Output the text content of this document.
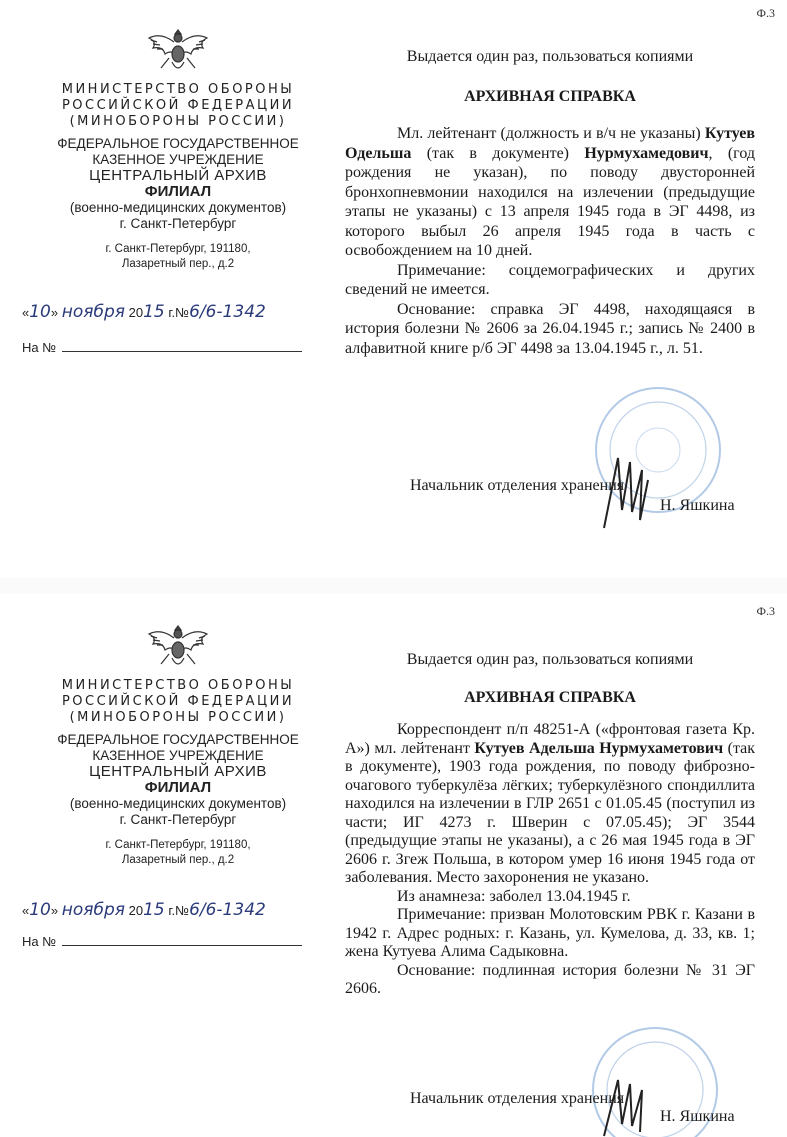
Ф.3
МИНИСТЕРСТВО ОБОРОНЫ
РОССИЙСКОЙ ФЕДЕРАЦИИ
(МИНОБОРОНЫ РОССИИ)
ФЕДЕРАЛЬНОЕ ГОСУДАРСТВЕННОЕ
КАЗЕННОЕ УЧРЕЖДЕНИЕ
ЦЕНТРАЛЬНЫЙ АРХИВ
ФИЛИАЛ
(военно-медицинских документов)
г. Санкт-Петербург
г. Санкт-Петербург, 191180,
Лазаретный пер., д.2
«10» ноября 2015 г.№6/6-1342
На №
Выдается один раз, пользоваться копиями
АРХИВНАЯ СПРАВКА

Мл. лейтенант (должность и в/ч не указаны) Кутуев Одельша (так в документе) Нурмухамедович, (год рождения не указан), по поводу двусторонней бронхопневмонии находился на излечении (предыдущие этапы не указаны) с 13 апреля 1945 года в ЭГ 4498, из которого выбыл 26 апреля 1945 года в часть с освобождением на 10 дней.

Примечание: соцдемографических и других сведений не имеется.

Основание: справка ЭГ 4498, находящаяся в история болезни № 2606 за 26.04.1945 г.; запись № 2400 в алфавитной книге р/б ЭГ 4498 за 13.04.1945 г., л. 51.

Начальник отделения хранения
Н. Яшкина
Ф.3
МИНИСТЕРСТВО ОБОРОНЫ
РОССИЙСКОЙ ФЕДЕРАЦИИ
(МИНОБОРОНЫ РОССИИ)
ФЕДЕРАЛЬНОЕ ГОСУДАРСТВЕННОЕ
КАЗЕННОЕ УЧРЕЖДЕНИЕ
ЦЕНТРАЛЬНЫЙ АРХИВ
ФИЛИАЛ
(военно-медицинских документов)
г. Санкт-Петербург
г. Санкт-Петербург, 191180,
Лазаретный пер., д.2
«10» ноября 2015 г.№6/6-1342
На №
Выдается один раз, пользоваться копиями
АРХИВНАЯ СПРАВКА

Корреспондент п/п 48251-А («фронтовая газета Кр. А») мл. лейтенант Кутуев Адельша Нурмухаметович (так в документе), 1903 года рождения, по поводу фиброзно-очагового туберкулёза лёгких; туберкулёзного спондиллита находился на излечении в ГЛР 2651 с 01.05.45 (поступил из части; ИГ 4273 г. Шверин с 07.05.45); ЭГ 3544 (предыдущие этапы не указаны), а с 26 мая 1945 года в ЭГ 2606 г. Згеж Польша, в котором умер 16 июня 1945 года от заболевания. Место захоронения не указано.

Из анамнеза: заболел 13.04.1945 г.

Примечание: призван Молотовским РВК г. Казани в 1942 г. Адрес родных: г. Казань, ул. Кумелова, д. 33, кв. 1; жена Кутуева Алима Садыковна.

Основание: подлинная история болезни № 31 ЭГ 2606.

Начальник отделения хранения
Н. Яшкина
